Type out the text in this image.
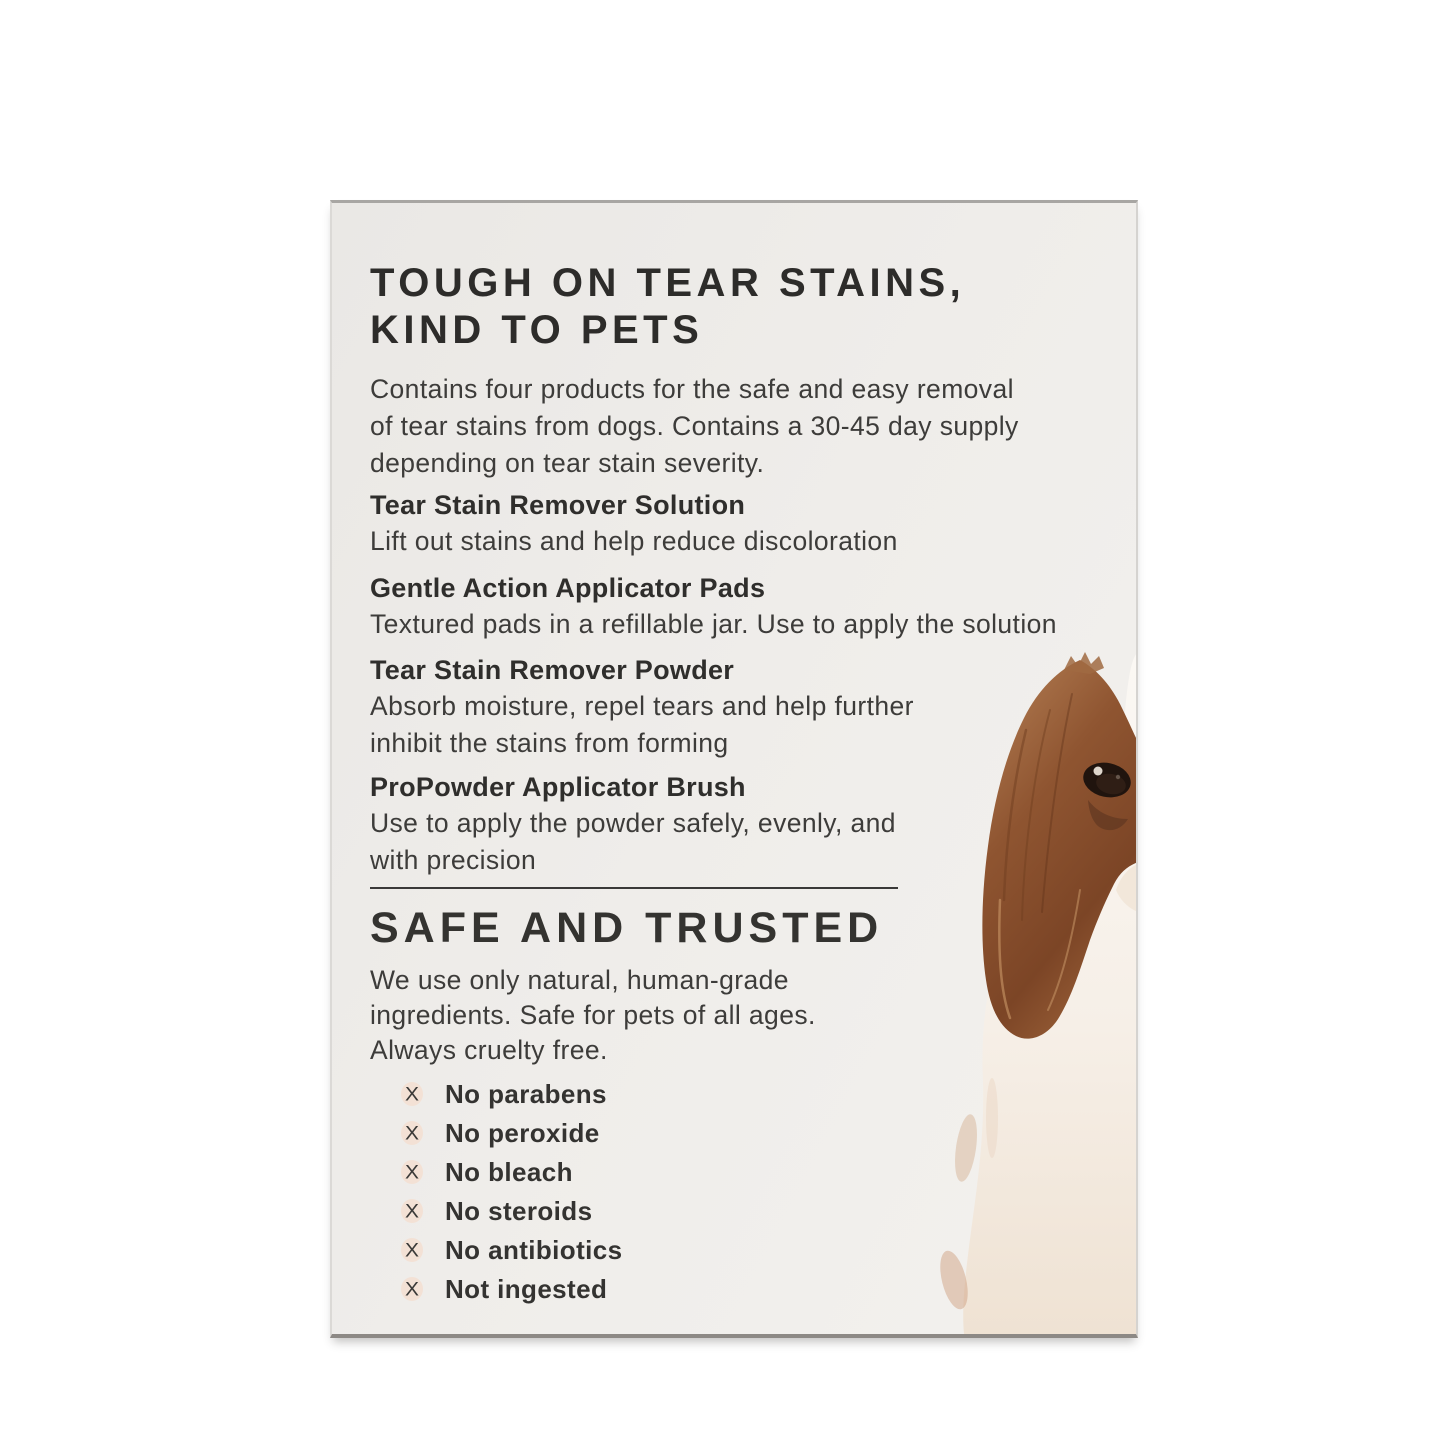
TOUGH ON TEAR STAINS,
KIND TO PETS
Contains four products for the safe and easy removal
of tear stains from dogs. Contains a 30-45 day supply
depending on tear stain severity.
Tear Stain Remover Solution
Lift out stains and help reduce discoloration
Gentle Action Applicator Pads
Textured pads in a refillable jar. Use to apply the solution
Tear Stain Remover Powder
Absorb moisture, repel tears and help further
inhibit the stains from forming
ProPowder Applicator Brush
Use to apply the powder safely, evenly, and
with precision
SAFE AND TRUSTED
We use only natural, human-grade
ingredients. Safe for pets of all ages.
Always cruelty free.
X No parabens
X No peroxide
X No bleach
X No steroids
X No antibiotics
X Not ingested
